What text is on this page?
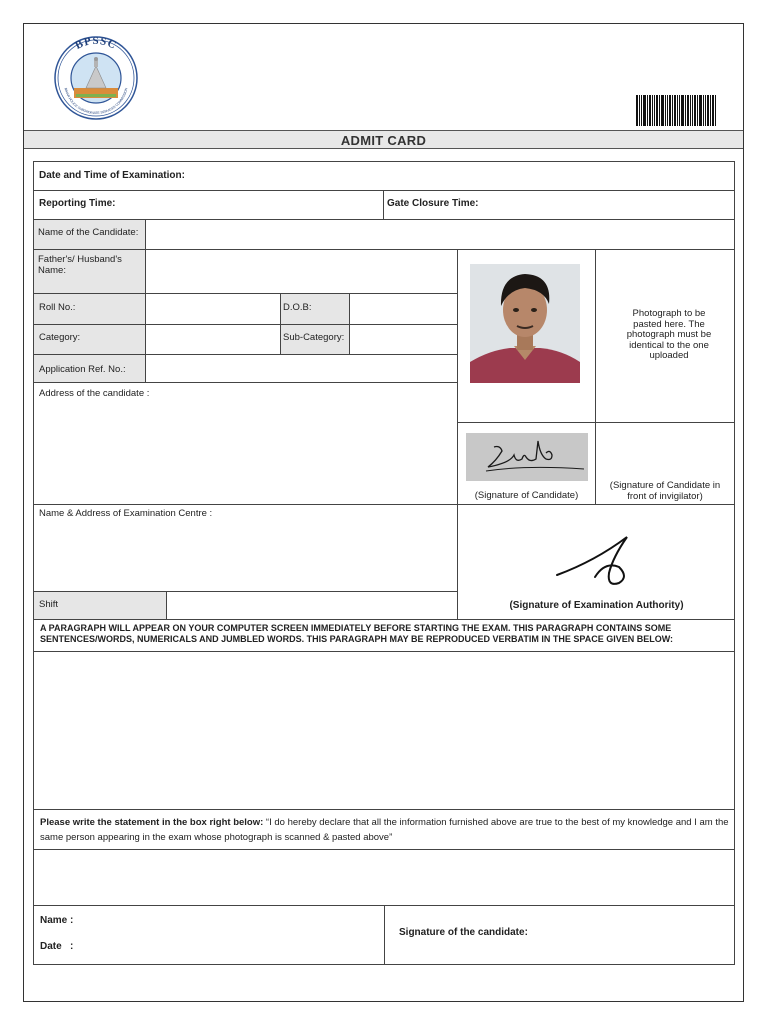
BPSSC
BIHAR POLICE SUBORDINATE SERVICES COMMISSION
ADMIT CARD
Date and Time of Examination:
Reporting Time:	Gate Closure Time:
Name of the Candidate:
Father's/ Husband's Name:
Roll No.:	D.O.B:
Category:	Sub-Category:
Application Ref. No.:
Address of the candidate :
Name & Address of Examination Centre :
Shift
Photograph to be pasted here. The photograph must be identical to the one uploaded
(Signature of Candidate)
(Signature of Candidate in front of invigilator)
(Signature of Examination Authority)
A PARAGRAPH WILL APPEAR ON YOUR COMPUTER SCREEN IMMEDIATELY BEFORE STARTING THE EXAM. THIS PARAGRAPH CONTAINS SOME SENTENCES/WORDS, NUMERICALS AND JUMBLED WORDS. THIS PARAGRAPH MAY BE REPRODUCED VERBATIM IN THE SPACE GIVEN BELOW:
Please write the statement in the box right below: “I do hereby declare that all the information furnished above are true to the best of my knowledge and I am the same person appearing in the exam whose photograph is scanned & pasted above”
Name :
Date   :
Signature of the candidate:
